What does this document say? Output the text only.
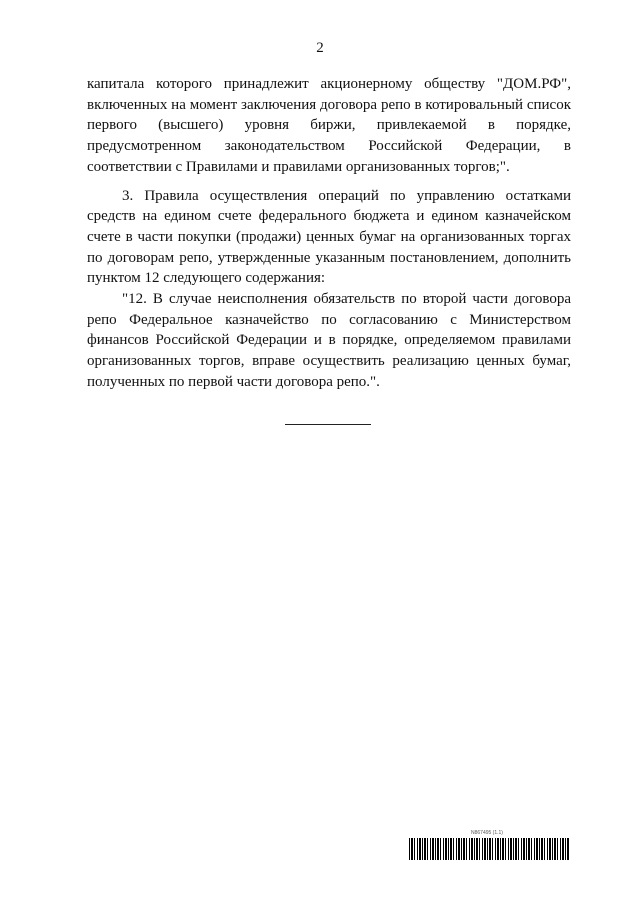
2

капитала которого принадлежит акционерному обществу "ДОМ.РФ", включенных на момент заключения договора репо в котировальный список первого (высшего) уровня биржи, привлекаемой в порядке, предусмотренном законодательством Российской Федерации, в соответствии с Правилами и правилами организованных торгов;".

3. Правила осуществления операций по управлению остатками средств на едином счете федерального бюджета и едином казначейском счете в части покупки (продажи) ценных бумаг на организованных торгах по договорам репо, утвержденные указанным постановлением, дополнить пунктом 12 следующего содержания:

"12. В случае неисполнения обязательств по второй части договора репо Федеральное казначейство по согласованию с Министерством финансов Российской Федерации и в порядке, определяемом правилами организованных торгов, вправе осуществить реализацию ценных бумаг, полученных по первой части договора репо.".

N867495 (1.1)
